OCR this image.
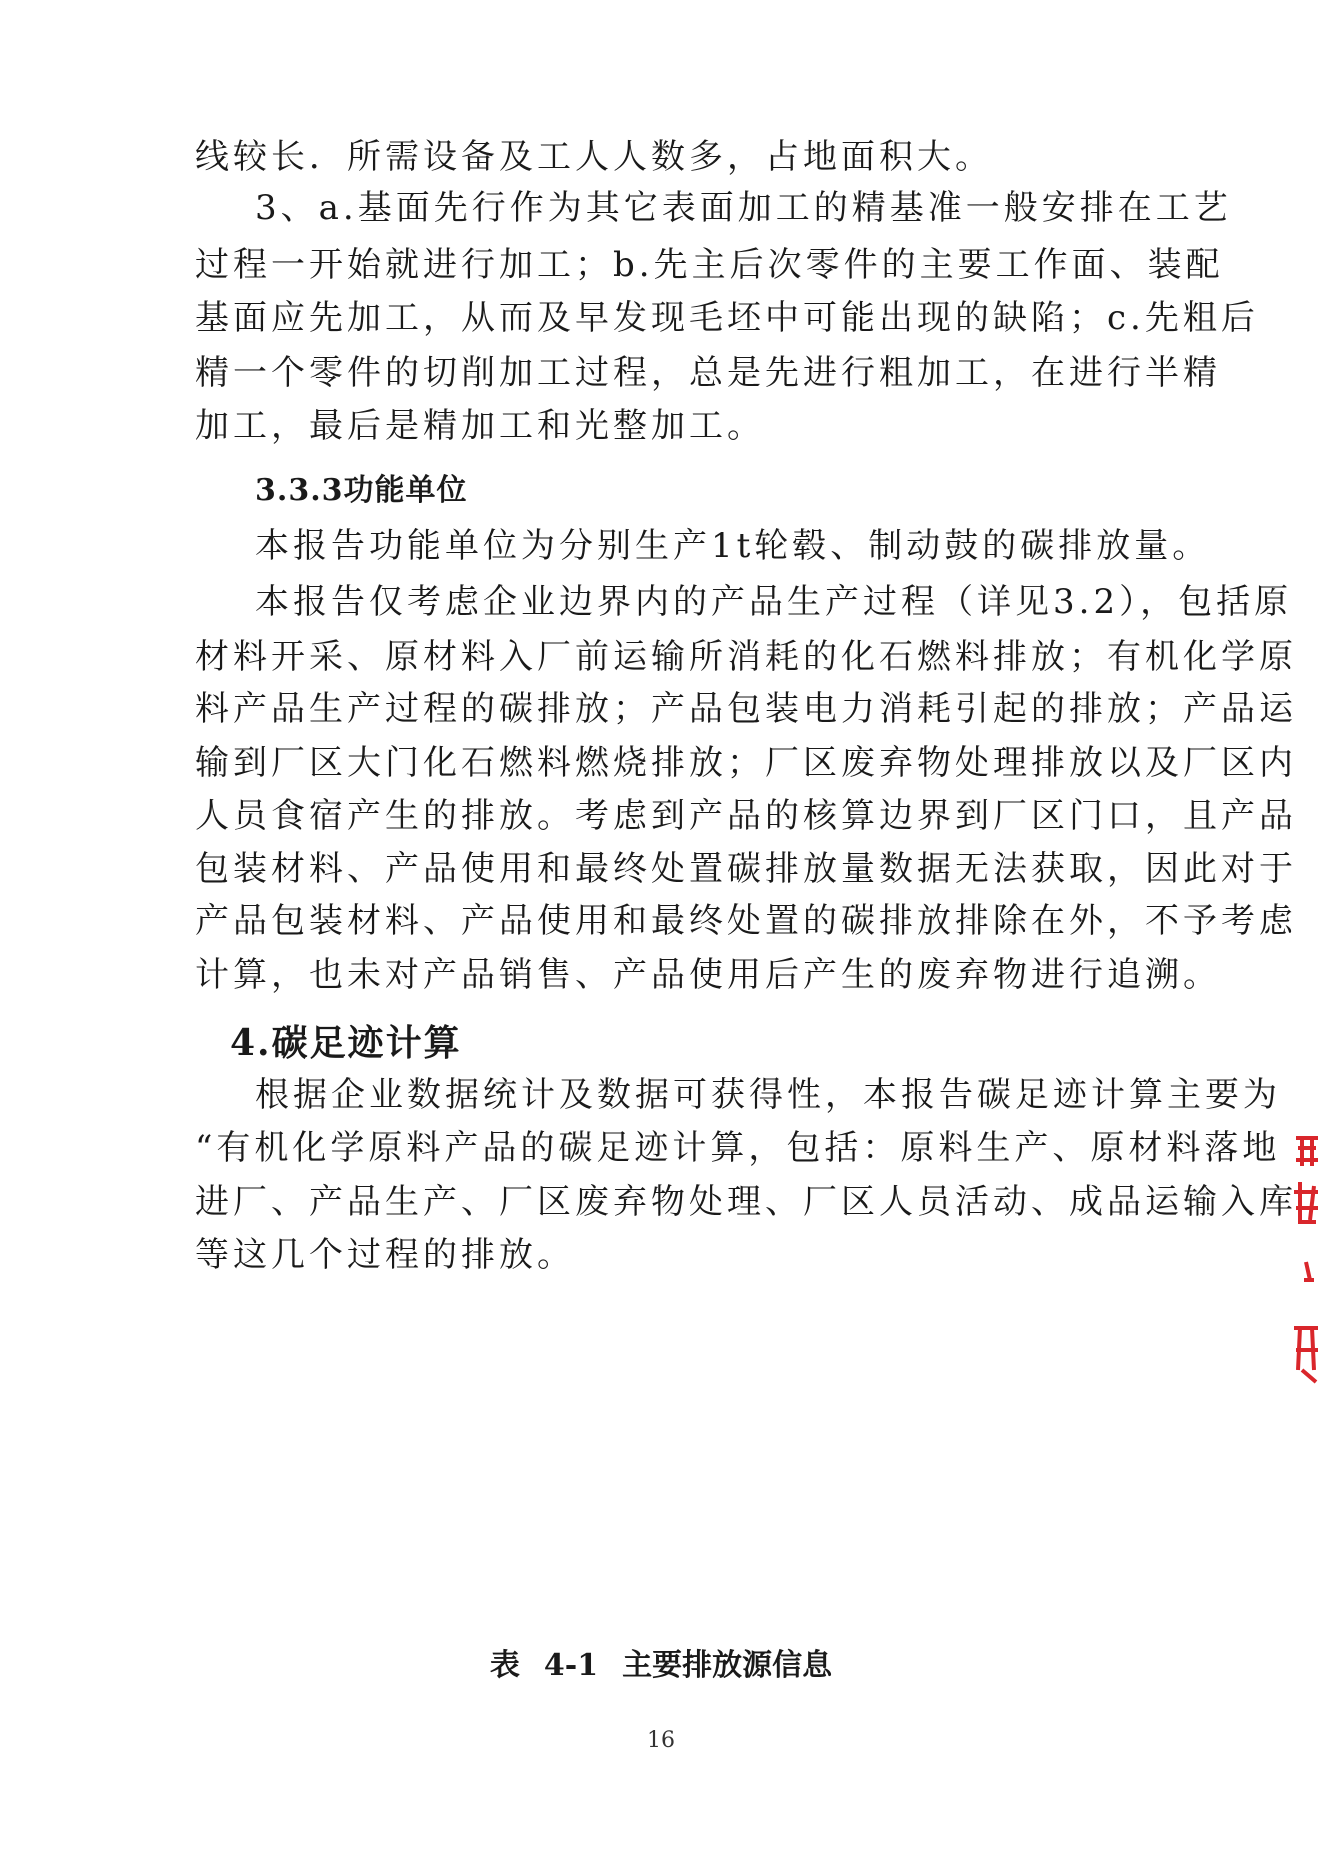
线较长．所需设备及工人人数多，占地面积大。
3、a.基面先行作为其它表面加工的精基准一般安排在工艺
过程一开始就进行加工；b.先主后次零件的主要工作面、装配
基面应先加工，从而及早发现毛坯中可能出现的缺陷；c.先粗后
精一个零件的切削加工过程，总是先进行粗加工，在进行半精
加工，最后是精加工和光整加工。
3.3.3功能单位
本报告功能单位为分别生产1t轮毂、制动鼓的碳排放量。
本报告仅考虑企业边界内的产品生产过程（详见3.2），包括原
材料开采、原材料入厂前运输所消耗的化石燃料排放；有机化学原
料产品生产过程的碳排放；产品包装电力消耗引起的排放；产品运
输到厂区大门化石燃料燃烧排放；厂区废弃物处理排放以及厂区内
人员食宿产生的排放。考虑到产品的核算边界到厂区门口，且产品
包装材料、产品使用和最终处置碳排放量数据无法获取，因此对于
产品包装材料、产品使用和最终处置的碳排放排除在外，不予考虑
计算，也未对产品销售、产品使用后产生的废弃物进行追溯。
4.碳足迹计算
根据企业数据统计及数据可获得性，本报告碳足迹计算主要为
“有机化学原料产品的碳足迹计算，包括：原料生产、原材料落地
进厂、产品生产、厂区废弃物处理、厂区人员活动、成品运输入库
等这几个过程的排放。
表 4-1 主要排放源信息
16
